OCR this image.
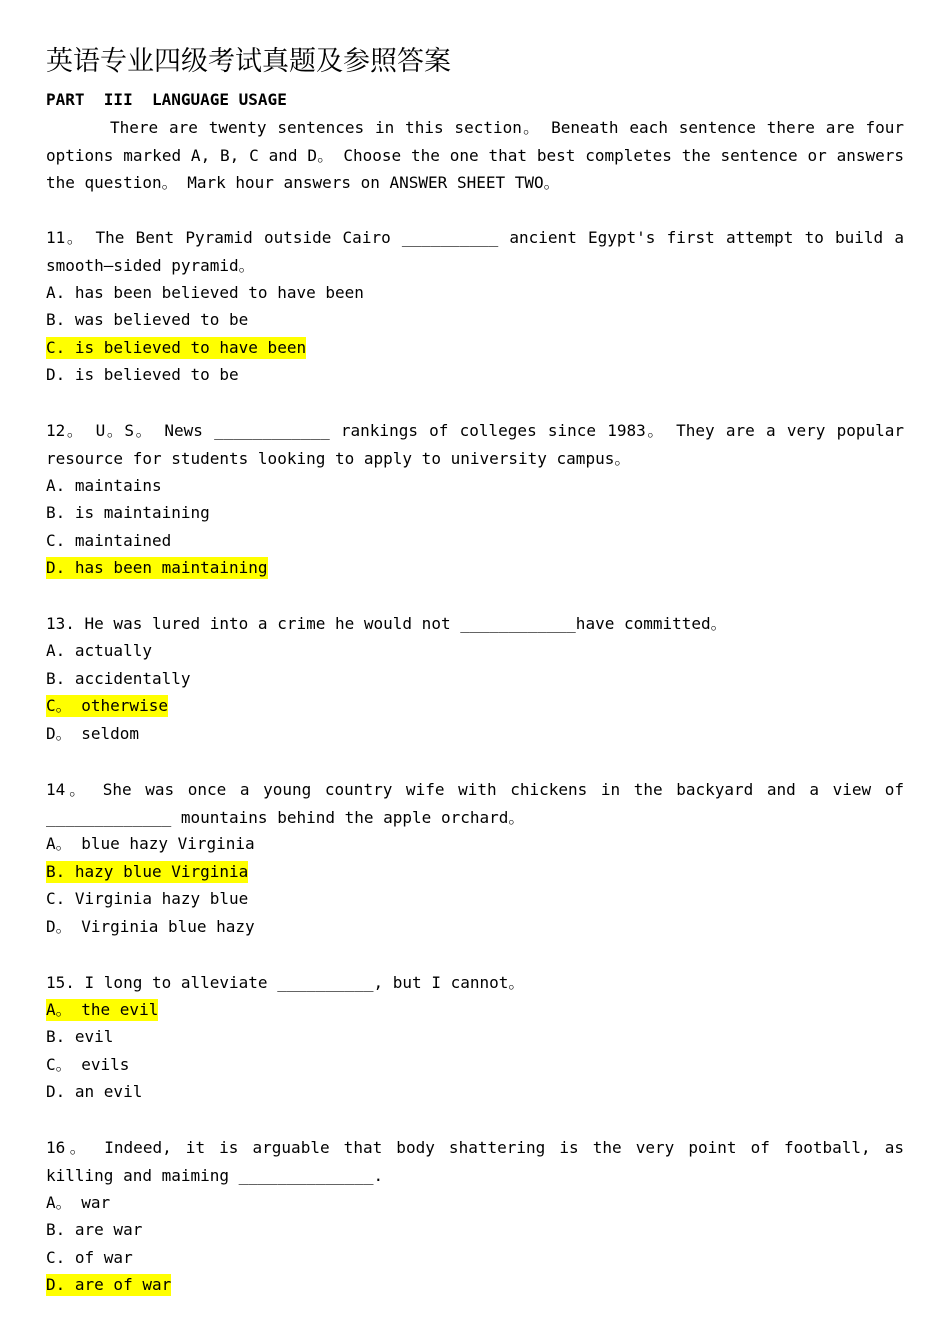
英语专业四级考试真题及参照答案
PART  III  LANGUAGE USAGE
There are twenty sentences in this section。 Beneath each sentence there are four options marked A, B, C and D。 Choose the one that best completes the sentence or answers the question。 Mark hour answers on ANSWER SHEET TWO。
11。 The Bent Pyramid outside Cairo __________ ancient Egypt's first attempt to build a smooth—sided pyramid。
A. has been believed to have been
B. was believed to be
C. is believed to have been
D. is believed to be
12。 U。S。 News ____________ rankings of colleges since 1983。 They are a very popular resource for students looking to apply to university campus。
A. maintains
B. is maintaining
C. maintained
D. has been maintaining
13. He was lured into a crime he would not ____________have committed。
A. actually
B. accidentally
C。 otherwise
D。 seldom
14。 She was once a young country wife with chickens in the backyard and a view of _____________ mountains behind the apple orchard。
A。 blue hazy Virginia
B. hazy blue Virginia
C. Virginia hazy blue
D。 Virginia blue hazy
15. I long to alleviate __________, but I cannot。
A。 the evil
B. evil
C。 evils
D. an evil
16。 Indeed, it is arguable that body shattering is the very point of football, as killing and maiming ______________.
A。 war
B. are war
C. of war
D. are of war
